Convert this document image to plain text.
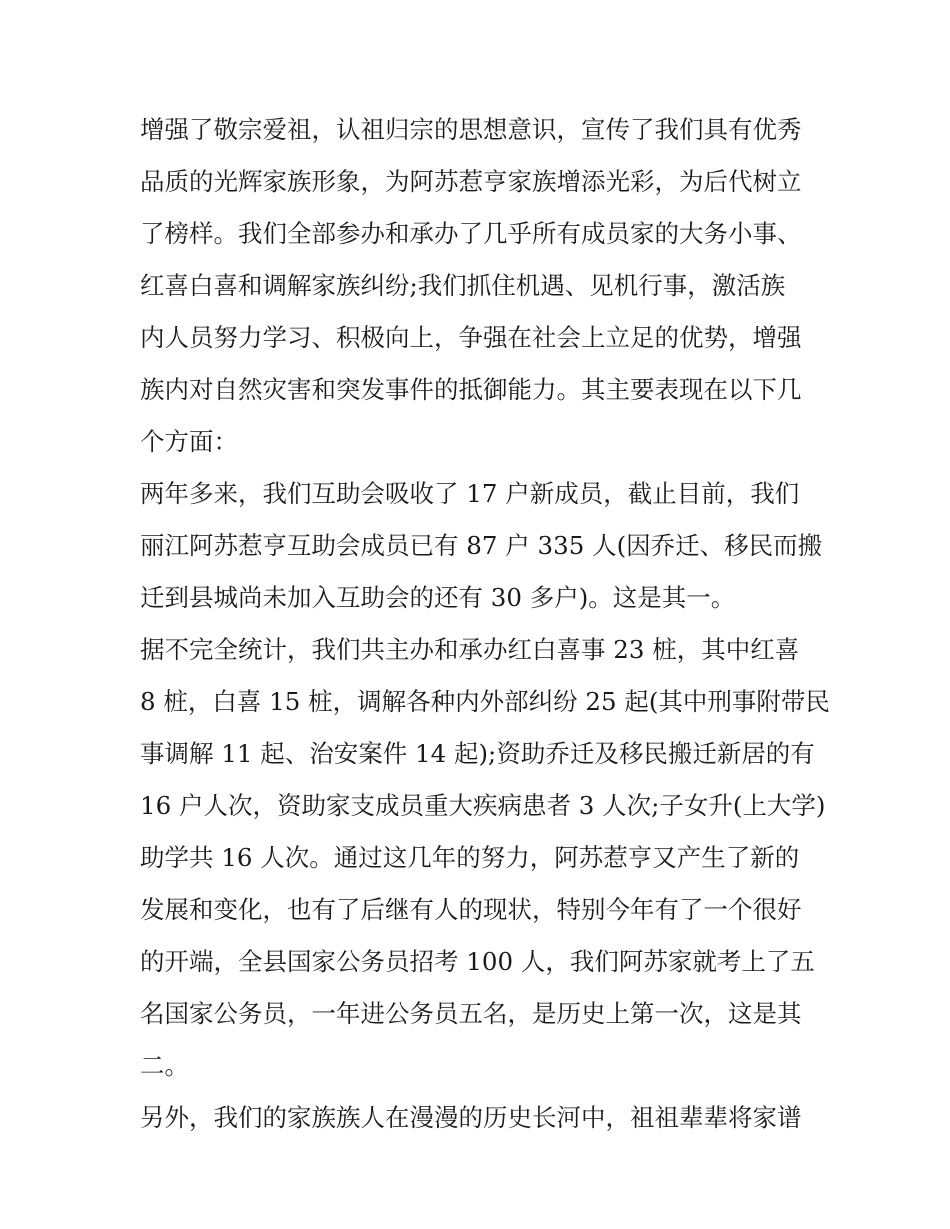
增强了敬宗爱祖，认祖归宗的思想意识，宣传了我们具有优秀
品质的光辉家族形象，为阿苏惹亨家族增添光彩，为后代树立
了榜样。我们全部参办和承办了几乎所有成员家的大务小事、
红喜白喜和调解家族纠纷;我们抓住机遇、见机行事，激活族
内人员努力学习、积极向上，争强在社会上立足的优势，增强
族内对自然灾害和突发事件的抵御能力。其主要表现在以下几
个方面：
两年多来，我们互助会吸收了 17 户新成员，截止目前，我们
丽江阿苏惹亨互助会成员已有 87 户 335 人(因乔迁、移民而搬
迁到县城尚未加入互助会的还有 30 多户)。这是其一。
据不完全统计，我们共主办和承办红白喜事 23 桩，其中红喜
8 桩，白喜 15 桩，调解各种内外部纠纷 25 起(其中刑事附带民
事调解 11 起、治安案件 14 起);资助乔迁及移民搬迁新居的有
16 户人次，资助家支成员重大疾病患者 3 人次;子女升(上大学)
助学共 16 人次。通过这几年的努力，阿苏惹亨又产生了新的
发展和变化，也有了后继有人的现状，特别今年有了一个很好
的开端，全县国家公务员招考 100 人，我们阿苏家就考上了五
名国家公务员，一年进公务员五名，是历史上第一次，这是其
二。
另外，我们的家族族人在漫漫的历史长河中，祖祖辈辈将家谱
